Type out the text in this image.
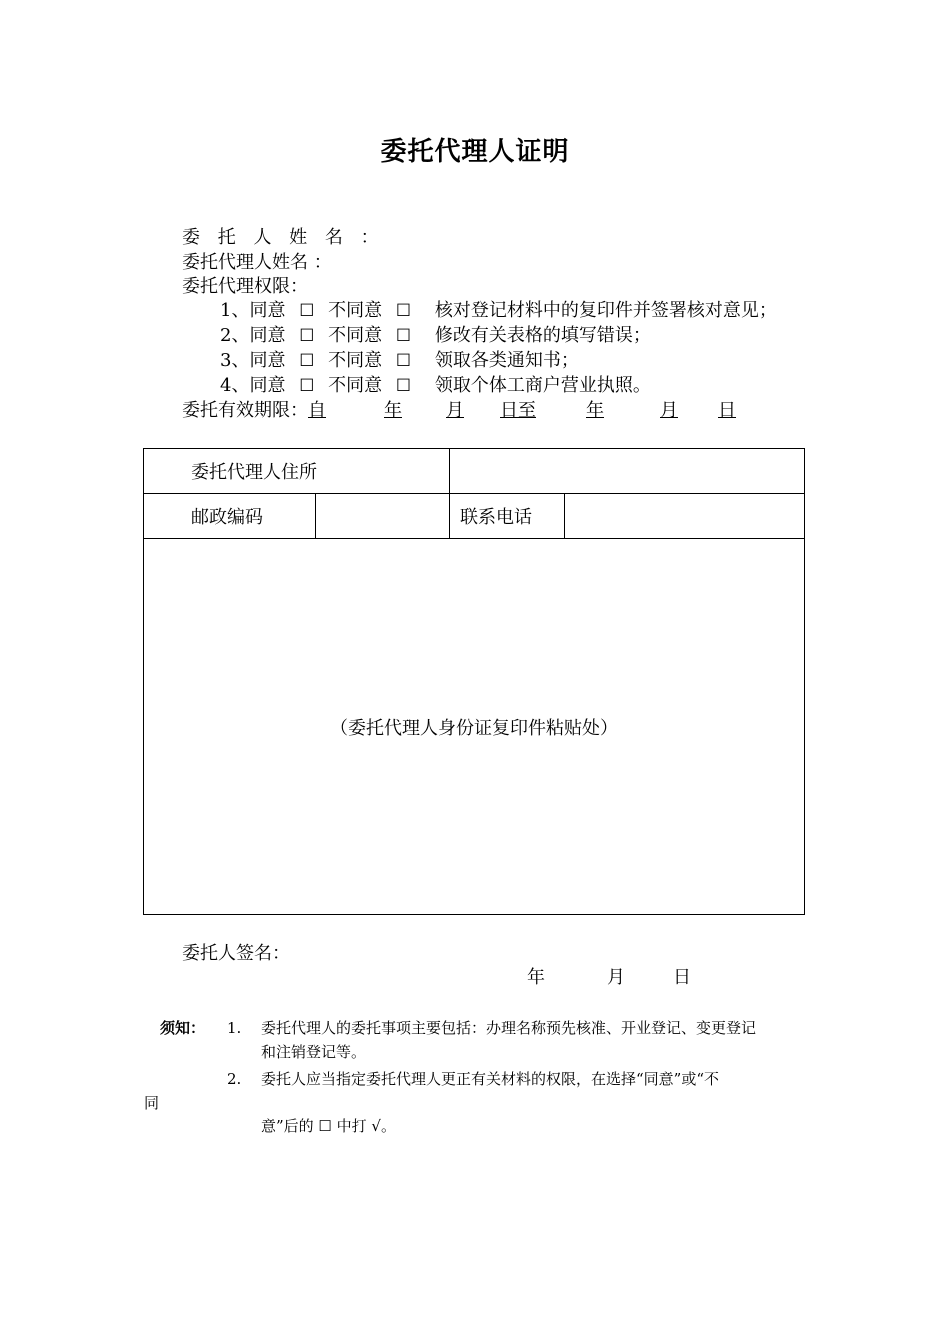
委托代理人证明
委 托 人 姓 名 ：
委托代理人姓名 ：
委托代理权限：
1、同意 ☐ 不同意 ☐ 核对登记材料中的复印件并签署核对意见；
2、同意 ☐ 不同意 ☐ 修改有关表格的填写错误；
3、同意 ☐ 不同意 ☐ 领取各类通知书；
4、同意 ☐ 不同意 ☐ 领取个体工商户营业执照。
委托有效期限：自	年 月 日至	年	月 日
委托代理人住所			
邮政编码		联系电话	
（委托代理人身份证复印件粘贴处）			
委托人签名：
年	月	日
须知： 1. 委托代理人的委托事项主要包括：办理名称预先核准、开业登记、变更登记
和注销登记等。
2. 委托人应当指定委托代理人更正有关材料的权限，在选择“同意”或“不
同
意”后的 ☐ 中打 √。
